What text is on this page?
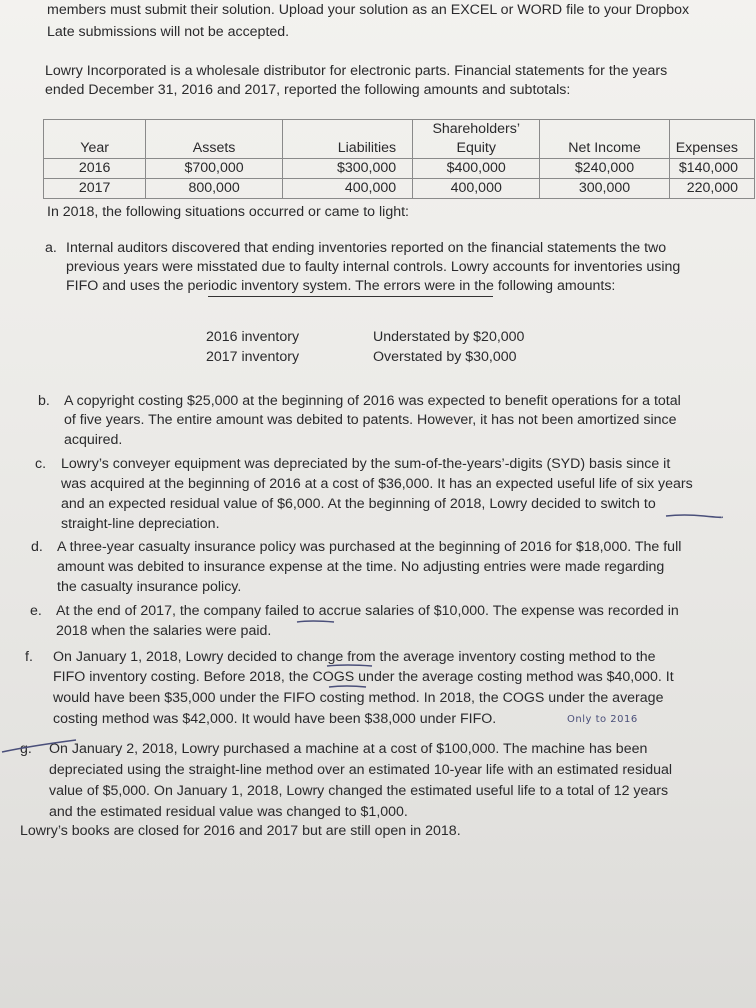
members must submit their solution. Upload your solution as an EXCEL or WORD file to your Dropbox
Late submissions will not be accepted.
Lowry Incorporated is a wholesale distributor for electronic parts. Financial statements for the years
ended December 31, 2016 and 2017, reported the following amounts and subtotals:
Year	Assets	Liabilities	Shareholders’ Equity	Net Income	Expenses
2016	$700,000	$300,000	$400,000	$240,000	$140,000
2017	800,000	400,000	400,000	300,000	220,000
In 2018, the following situations occurred or came to light:
a. Internal auditors discovered that ending inventories reported on the financial statements the two
previous years were misstated due to faulty internal controls. Lowry accounts for inventories using
FIFO and uses the periodic inventory system. The errors were in the following amounts:
2016 inventory	Understated by $20,000
2017 inventory	Overstated by $30,000
b. A copyright costing $25,000 at the beginning of 2016 was expected to benefit operations for a total
of five years. The entire amount was debited to patents. However, it has not been amortized since
acquired.
c. Lowry’s conveyer equipment was depreciated by the sum-of-the-years’-digits (SYD) basis since it
was acquired at the beginning of 2016 at a cost of $36,000. It has an expected useful life of six years
and an expected residual value of $6,000. At the beginning of 2018, Lowry decided to switch to
straight-line depreciation.
d. A three-year casualty insurance policy was purchased at the beginning of 2016 for $18,000. The full
amount was debited to insurance expense at the time. No adjusting entries were made regarding
the casualty insurance policy.
e. At the end of 2017, the company failed to accrue salaries of $10,000. The expense was recorded in
2018 when the salaries were paid.
f. On January 1, 2018, Lowry decided to change from the average inventory costing method to the
FIFO inventory costing. Before 2018, the COGS under the average costing method was $40,000. It
would have been $35,000 under the FIFO costing method. In 2018, the COGS under the average
costing method was $42,000. It would have been $38,000 under FIFO.	Only to 2016
g. On January 2, 2018, Lowry purchased a machine at a cost of $100,000. The machine has been
depreciated using the straight-line method over an estimated 10-year life with an estimated residual
value of $5,000. On January 1, 2018, Lowry changed the estimated useful life to a total of 12 years
and the estimated residual value was changed to $1,000.
Lowry’s books are closed for 2016 and 2017 but are still open in 2018.
